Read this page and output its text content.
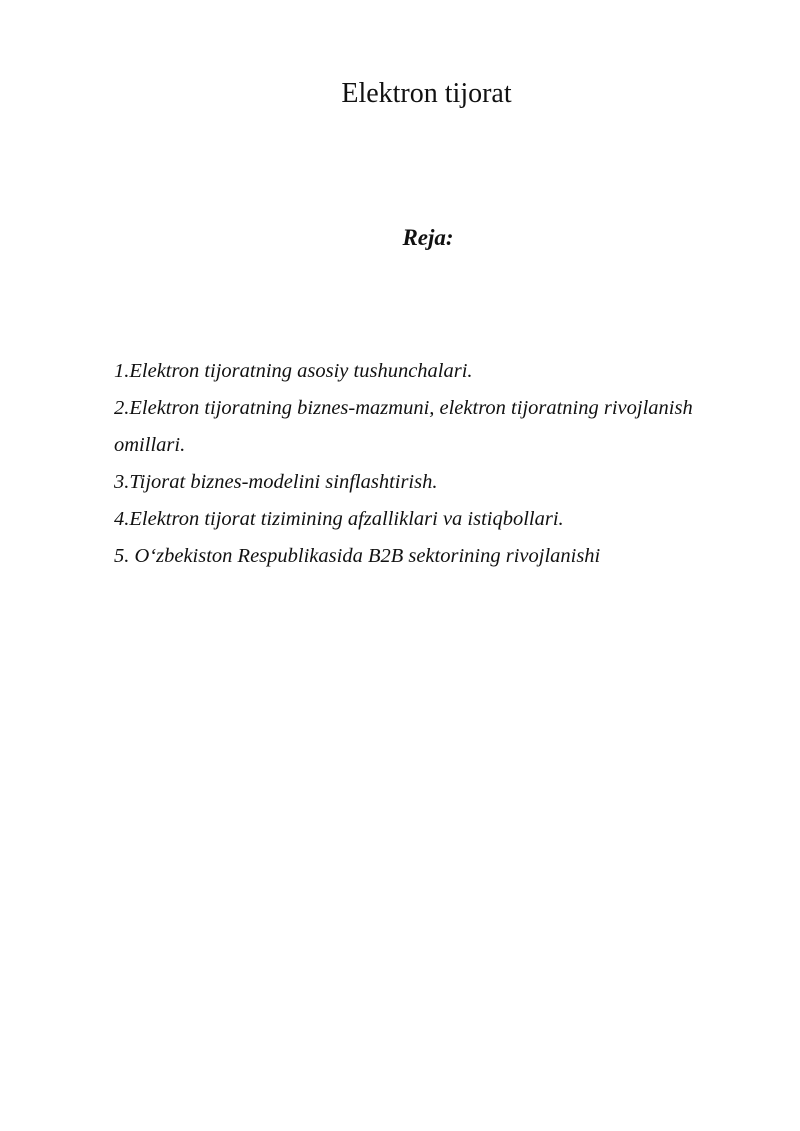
Elektron tijorat
Reja:
1.Elektron tijoratning asosiy tushunchalari.
2.Elektron tijoratning biznes-mazmuni, elektron tijoratning rivojlanish omillari.
3.Tijorat biznes-modelini sinflashtirish.
4.Elektron tijorat tizimining afzalliklari va istiqbollari.
5. O‘zbekiston Respublikasida B2B sektorining rivojlanishi
